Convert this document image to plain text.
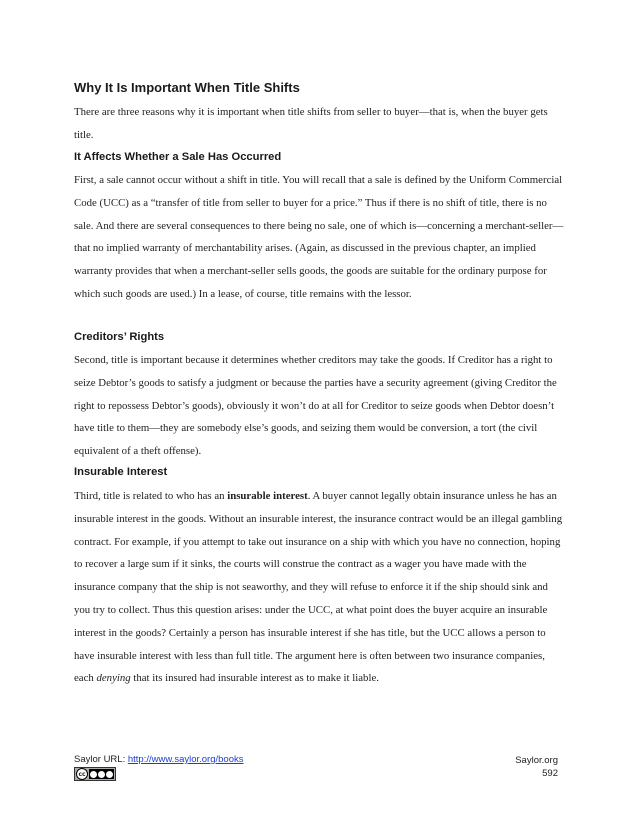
Why It Is Important When Title Shifts

There are three reasons why it is important when title shifts from seller to buyer—that is, when the buyer gets title.

It Affects Whether a Sale Has Occurred

First, a sale cannot occur without a shift in title. You will recall that a sale is defined by the Uniform Commercial Code (UCC) as a “transfer of title from seller to buyer for a price.” Thus if there is no shift of title, there is no sale. And there are several consequences to there being no sale, one of which is—concerning a merchant-seller—that no implied warranty of merchantability arises. (Again, as discussed in the previous chapter, an implied warranty provides that when a merchant-seller sells goods, the goods are suitable for the ordinary purpose for which such goods are used.) In a lease, of course, title remains with the lessor.

Creditors’ Rights

Second, title is important because it determines whether creditors may take the goods. If Creditor has a right to seize Debtor’s goods to satisfy a judgment or because the parties have a security agreement (giving Creditor the right to repossess Debtor’s goods), obviously it won’t do at all for Creditor to seize goods when Debtor doesn’t have title to them—they are somebody else’s goods, and seizing them would be conversion, a tort (the civil equivalent of a theft offense).

Insurable Interest

Third, title is related to who has an insurable interest. A buyer cannot legally obtain insurance unless he has an insurable interest in the goods. Without an insurable interest, the insurance contract would be an illegal gambling contract. For example, if you attempt to take out insurance on a ship with which you have no connection, hoping to recover a large sum if it sinks, the courts will construe the contract as a wager you have made with the insurance company that the ship is not seaworthy, and they will refuse to enforce it if the ship should sink and you try to collect. Thus this question arises: under the UCC, at what point does the buyer acquire an insurable interest in the goods? Certainly a person has insurable interest if she has title, but the UCC allows a person to have insurable interest with less than full title. The argument here is often between two insurance companies, each denying that its insured had insurable interest as to make it liable.

Saylor URL: http://www.saylor.org/books
cc
Saylor.org
592
